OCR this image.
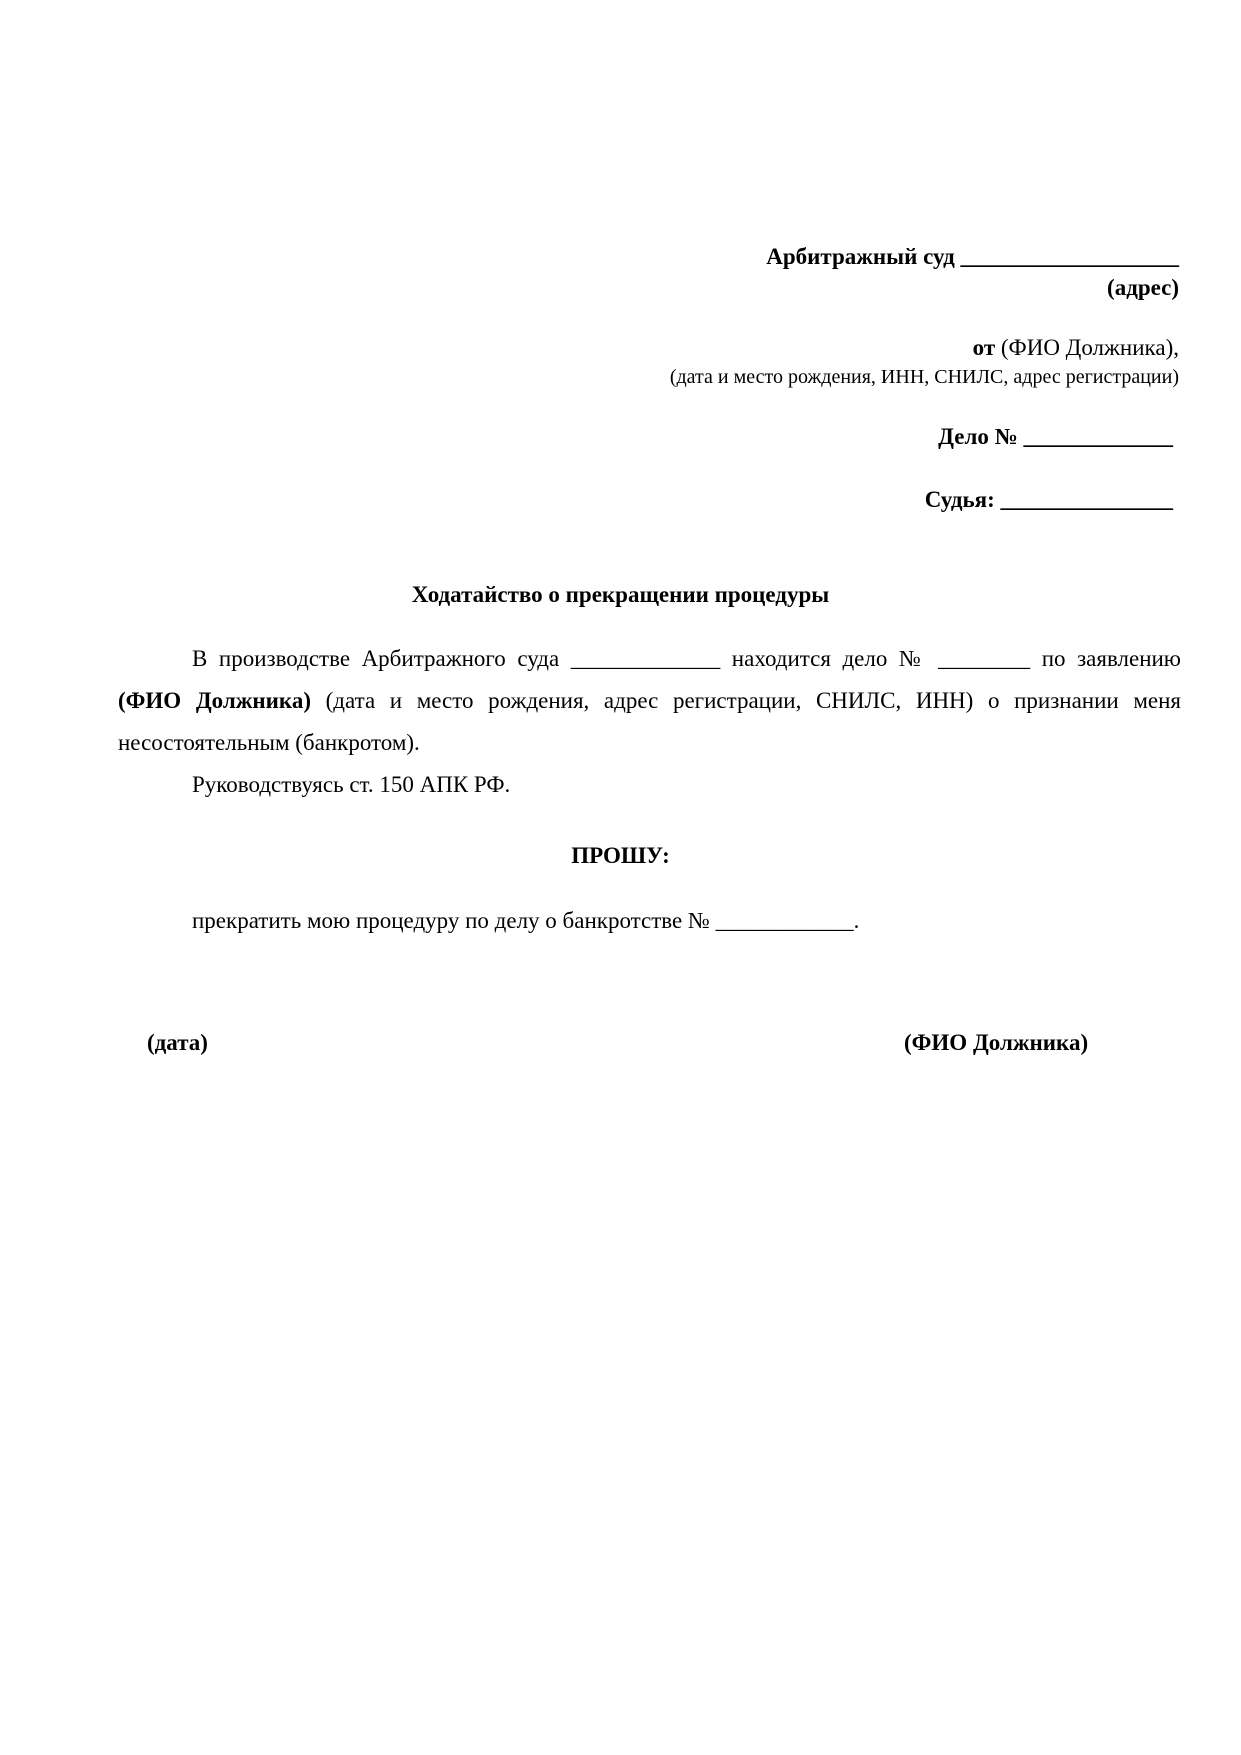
Арбитражный суд ___________________
(адрес)
от (ФИО Должника),
(дата и место рождения, ИНН, СНИЛС, адрес регистрации)
Дело № _____________
Судья: _______________
Ходатайство о прекращении процедуры

В производстве Арбитражного суда _____________ находится дело № ________ по заявлению (ФИО Должника) (дата и место рождения, адрес регистрации, СНИЛС, ИНН) о признании меня несостоятельным (банкротом).

Руководствуясь ст. 150 АПК РФ.

ПРОШУ:
прекратить мою процедуру по делу о банкротстве № ____________.
(дата)	(ФИО Должника)
